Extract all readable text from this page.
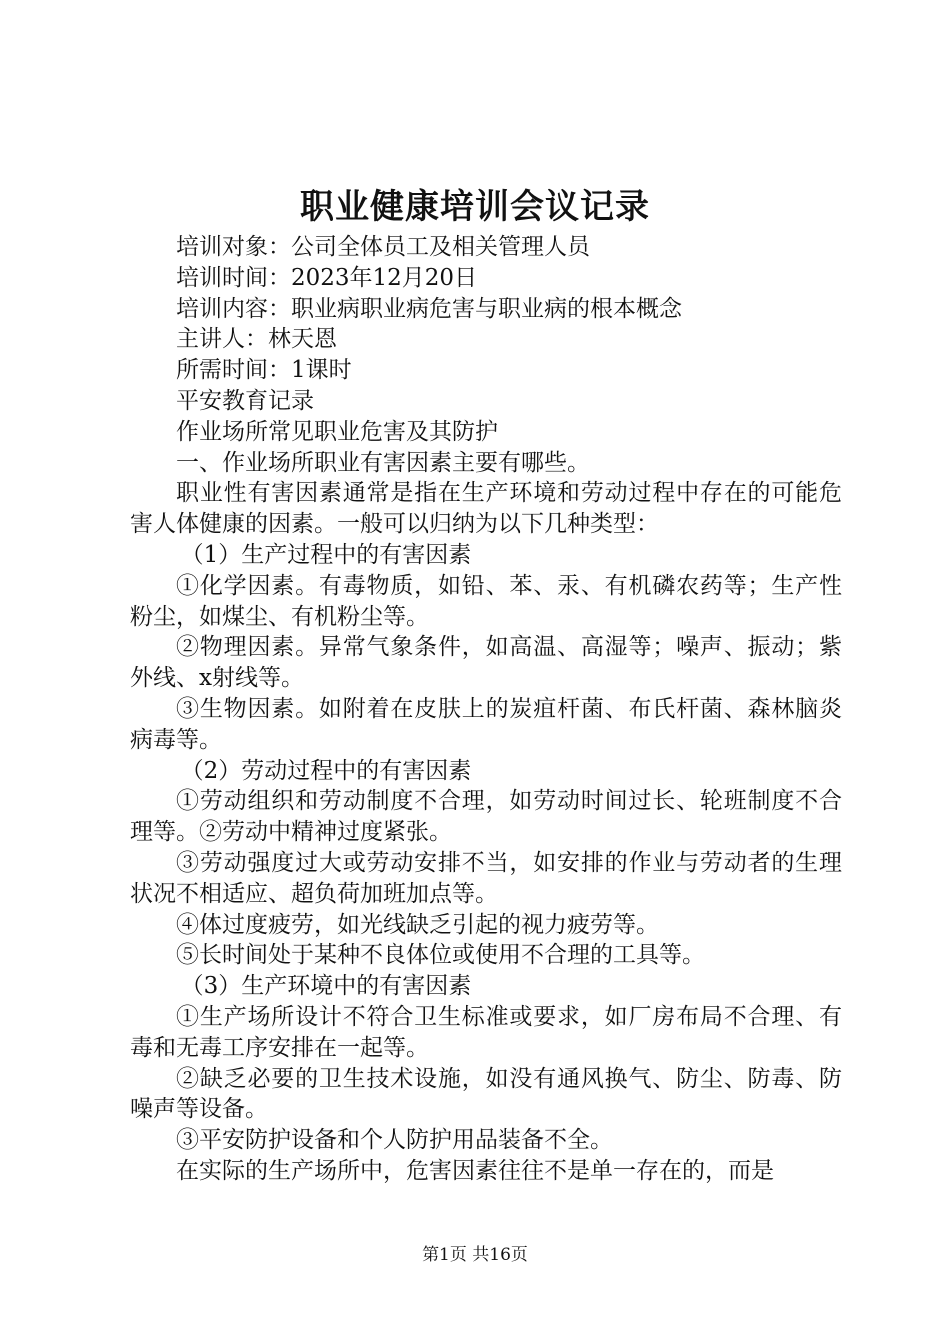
职业健康培训会议记录

培训对象：公司全体员工及相关管理人员

培训时间：2023年12月20日

培训内容：职业病职业病危害与职业病的根本概念

主讲人：林天恩

所需时间：1课时

平安教育记录

作业场所常见职业危害及其防护

一、作业场所职业有害因素主要有哪些。

职业性有害因素通常是指在生产环境和劳动过程中存在的可能危害人体健康的因素。一般可以归纳为以下几种类型：

（1）生产过程中的有害因素

①化学因素。有毒物质，如铅、苯、汞、有机磷农药等；生产性粉尘，如煤尘、有机粉尘等。

②物理因素。异常气象条件，如高温、高湿等；噪声、振动；紫外线、x射线等。

③生物因素。如附着在皮肤上的炭疽杆菌、布氏杆菌、森林脑炎病毒等。

（2）劳动过程中的有害因素

①劳动组织和劳动制度不合理，如劳动时间过长、轮班制度不合理等。②劳动中精神过度紧张。

③劳动强度过大或劳动安排不当，如安排的作业与劳动者的生理状况不相适应、超负荷加班加点等。

④体过度疲劳，如光线缺乏引起的视力疲劳等。

⑤长时间处于某种不良体位或使用不合理的工具等。

（3）生产环境中的有害因素

①生产场所设计不符合卫生标准或要求，如厂房布局不合理、有毒和无毒工序安排在一起等。

②缺乏必要的卫生技术设施，如没有通风换气、防尘、防毒、防噪声等设备。

③平安防护设备和个人防护用品装备不全。

在实际的生产场所中，危害因素往往不是单一存在的，而是

第1页 共16页
